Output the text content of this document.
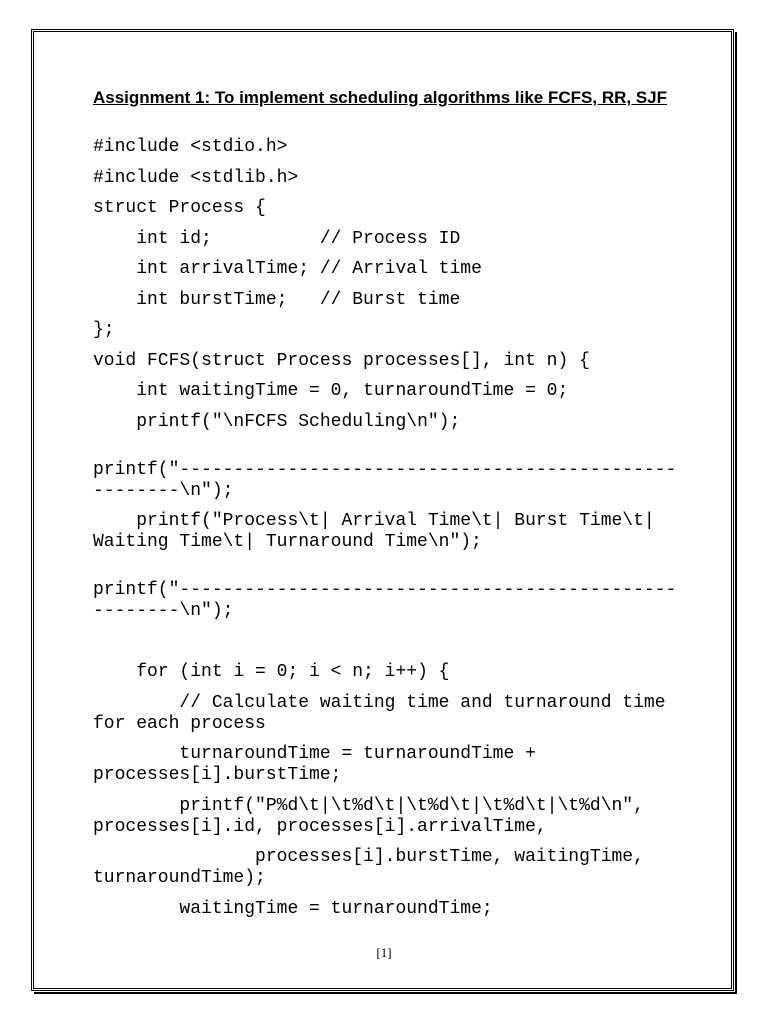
Assignment 1: To implement scheduling algorithms like FCFS, RR, SJF
#include <stdio.h>
#include <stdlib.h>
struct Process {
int id;          // Process ID
int arrivalTime; // Arrival time
int burstTime;   // Burst time
};
void FCFS(struct Process processes[], int n) {
int waitingTime = 0, turnaroundTime = 0;
printf("\nFCFS Scheduling\n");
printf("------------------------------------------------------\n");
printf("Process\t| Arrival Time\t| Burst Time\t| Waiting Time\t| Turnaround Time\n");
printf("------------------------------------------------------\n");
for (int i = 0; i < n; i++) {
// Calculate waiting time and turnaround time for each process
turnaroundTime = turnaroundTime + processes[i].burstTime;
printf("P%d\t|\t%d\t|\t%d\t|\t%d\t|\t%d\n", processes[i].id, processes[i].arrivalTime,
processes[i].burstTime, waitingTime, turnaroundTime);
waitingTime = turnaroundTime;
[1]
